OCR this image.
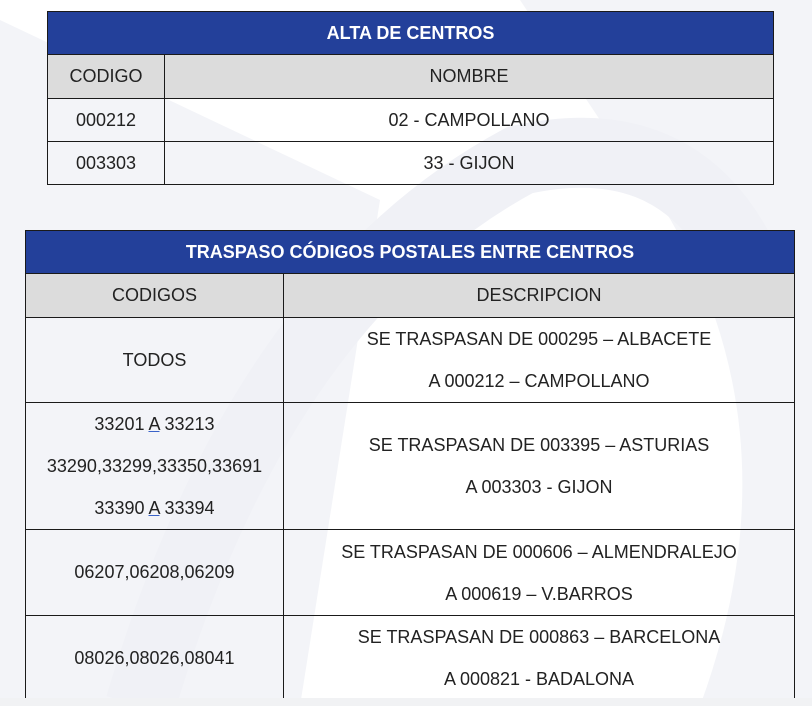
ALTA DE CENTROS	
CODIGO	NOMBRE
000212	02 - CAMPOLLANO
003303	33 - GIJON
TRASPASO CÓDIGOS POSTALES ENTRE CENTROS	
CODIGOS	DESCRIPCION

TODOS	SE TRASPASAN DE 000295 – ALBACETE
A 000212 – CAMPOLLANO

33201 A 33213
33290,33299,33350,33691
33390 A 33394	SE TRASPASAN DE 003395 – ASTURIAS
A 003303 - GIJON

06207,06208,06209	SE TRASPASAN DE 000606 – ALMENDRALEJO
A 000619 – V.BARROS

08026,08026,08041	SE TRASPASAN DE 000863 – BARCELONA
A 000821 - BADALONA
